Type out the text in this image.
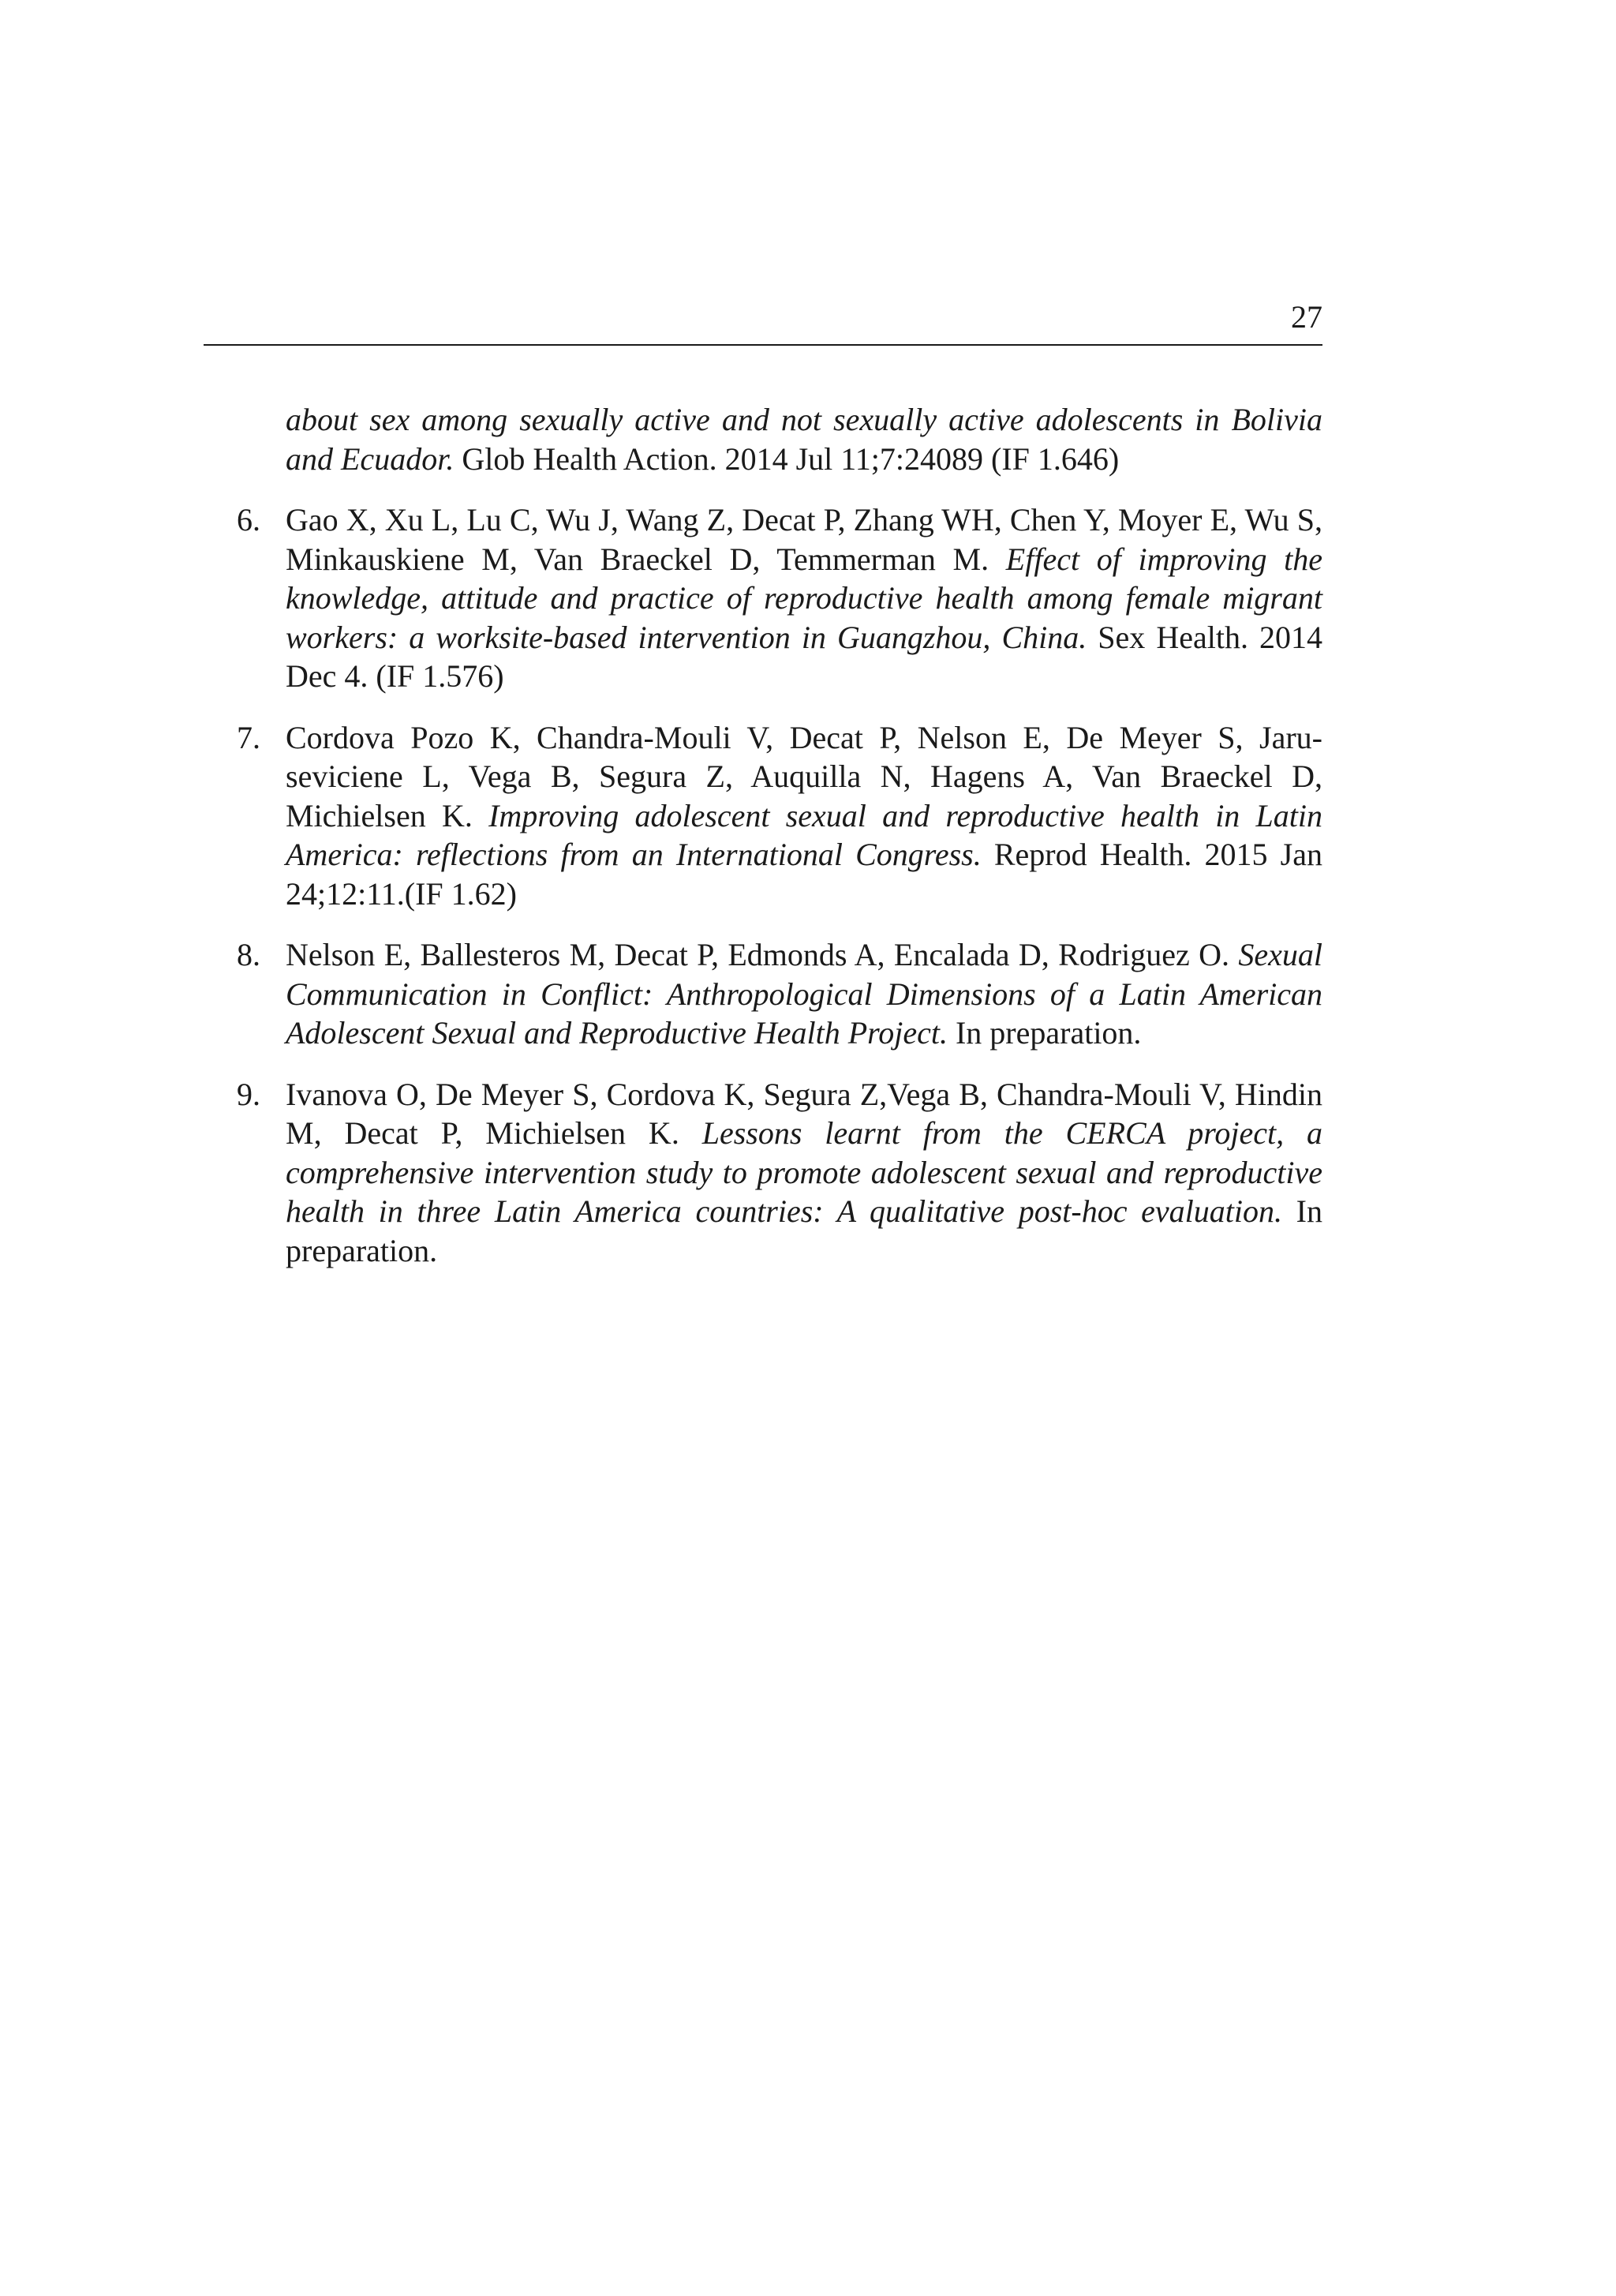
27
about sex among sexually active and not sexually active adolescents in Bolivia and Ecuador. Glob Health Action. 2014 Jul 11;7:24089 (IF 1.646)
6. Gao X, Xu L, Lu C, Wu J, Wang Z, Decat P, Zhang WH, Chen Y, Moyer E, Wu S, Minkauskiene M, Van Braeckel D, Temmerman M. Effect of improving the knowledge, attitude and practice of reproductive health among female migrant workers: a worksite-based intervention in Guangzhou, China. Sex Health. 2014 Dec 4. (IF 1.576)
7. Cordova Pozo K, Chandra-Mouli V, Decat P, Nelson E, De Meyer S, Jaruseviciene L, Vega B, Segura Z, Auquilla N, Hagens A, Van Braeckel D, Michielsen K. Improving adolescent sexual and reproductive health in Latin America: reflections from an International Congress. Reprod Health. 2015 Jan 24;12:11.(IF 1.62)
8. Nelson E, Ballesteros M, Decat P, Edmonds A, Encalada D, Rodriguez O. Sexual Communication in Conflict: Anthropological Dimensions of a Latin American Adolescent Sexual and Reproductive Health Project. In preparation.
9. Ivanova O, De Meyer S, Cordova K, Segura Z,Vega B, Chandra-Mouli V, Hindin M, Decat P, Michielsen K. Lessons learnt from the CERCA project, a comprehensive intervention study to promote adolescent sexual and reproductive health in three Latin America countries: A qualitative post-hoc evaluation. In preparation.
